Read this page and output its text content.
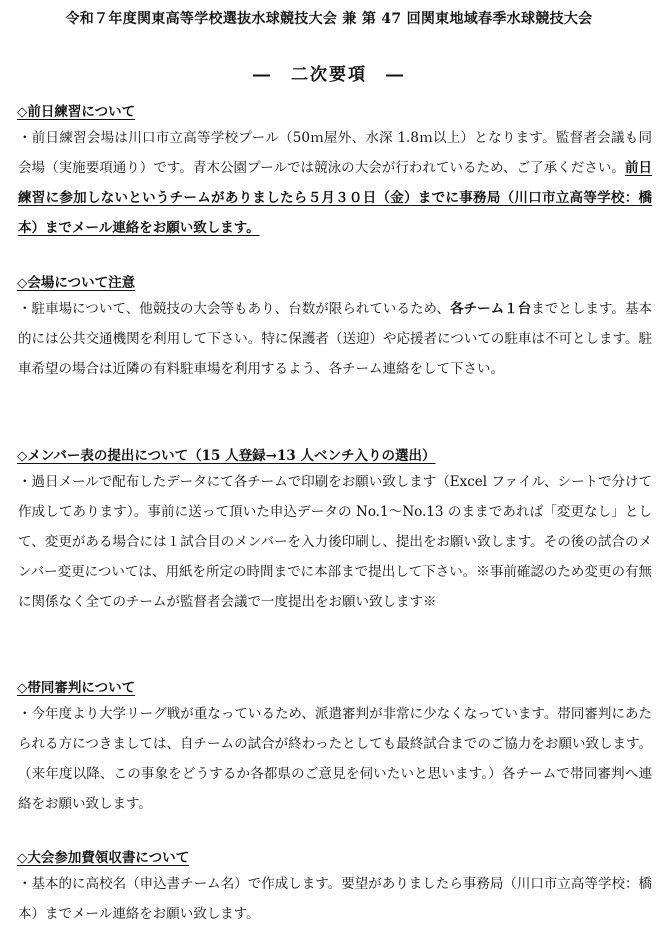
令和７年度関東高等学校選抜水球競技大会 兼 第 47 回関東地域春季水球競技大会
―　二次要項　―
◇前日練習について
・前日練習会場は川口市立高等学校プール（50ｍ屋外、水深 1.8ｍ以上）となります。監督者会議も同会場（実施要項通り）です。青木公園プールでは競泳の大会が行われているため、ご了承ください。前日練習に参加しないというチームがありましたら５月３０日（金）までに事務局（川口市立高等学校：橋本）までメール連絡をお願い致します。
◇会場について注意
・駐車場について、他競技の大会等もあり、台数が限られているため、各チーム１台までとします。基本的には公共交通機関を利用して下さい。特に保護者（送迎）や応援者についての駐車は不可とします。駐車希望の場合は近隣の有料駐車場を利用するよう、各チーム連絡をして下さい。
◇メンバー表の提出について（15 人登録→13 人ベンチ入りの選出）
・過日メールで配布したデータにて各チームで印刷をお願い致します（Excel ファイル、シートで分けて作成してあります）。事前に送って頂いた申込データの No.1～No.13 のままであれば「変更なし」として、変更がある場合には１試合目のメンバーを入力後印刷し、提出をお願い致します。その後の試合のメンバー変更については、用紙を所定の時間までに本部まで提出して下さい。※事前確認のため変更の有無に関係なく全てのチームが監督者会議で一度提出をお願い致します※
◇帯同審判について
・今年度より大学リーグ戦が重なっているため、派遣審判が非常に少なくなっています。帯同審判にあたられる方につきましては、自チームの試合が終わったとしても最終試合までのご協力をお願い致します。（来年度以降、この事象をどうするか各都県のご意見を伺いたいと思います。）各チームで帯同審判へ連絡をお願い致します。
◇大会参加費領収書について
・基本的に高校名（申込書チーム名）で作成します。要望がありましたら事務局（川口市立高等学校：橋本）までメール連絡をお願い致します。
